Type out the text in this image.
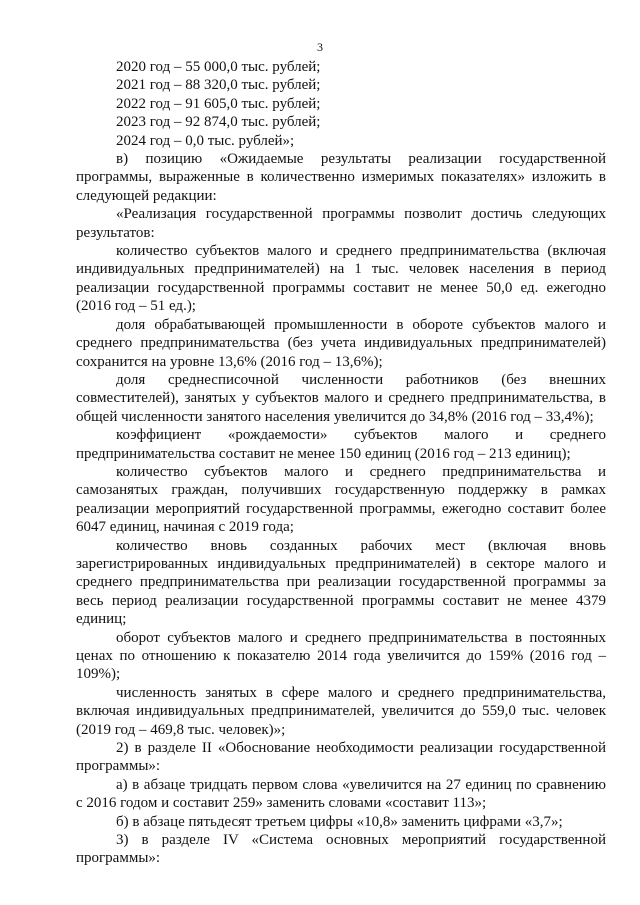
3

2020 год – 55 000,0 тыс. рублей;

2021 год – 88 320,0 тыс. рублей;

2022 год – 91 605,0 тыс. рублей;

2023 год – 92 874,0 тыс. рублей;

2024 год – 0,0 тыс. рублей»;

в) позицию «Ожидаемые результаты реализации государственной программы, выраженные в количественно измеримых показателях» изложить в следующей редакции:

«Реализация государственной программы позволит достичь следующих результатов:

количество субъектов малого и среднего предпринимательства (включая индивидуальных предпринимателей) на 1 тыс. человек населения в период реализации государственной программы составит не менее 50,0 ед. ежегодно (2016 год – 51 ед.);

доля обрабатывающей промышленности в обороте субъектов малого и среднего предпринимательства (без учета индивидуальных предпринимателей) сохранится на уровне 13,6% (2016 год – 13,6%);

доля среднесписочной численности работников (без внешних совместителей), занятых у субъектов малого и среднего предпринимательства, в общей численности занятого населения увеличится до 34,8% (2016 год – 33,4%);

коэффициент «рождаемости» субъектов малого и среднего предпринимательства составит не менее 150 единиц (2016 год – 213 единиц);

количество субъектов малого и среднего предпринимательства и самозанятых граждан, получивших государственную поддержку в рамках реализации мероприятий государственной программы, ежегодно составит более 6047 единиц, начиная с 2019 года;

количество вновь созданных рабочих мест (включая вновь зарегистрированных индивидуальных предпринимателей) в секторе малого и среднего предпринимательства при реализации государственной программы за весь период реализации государственной программы составит не менее 4379 единиц;

оборот субъектов малого и среднего предпринимательства в постоянных ценах по отношению к показателю 2014 года увеличится до 159% (2016 год – 109%);

численность занятых в сфере малого и среднего предпринимательства, включая индивидуальных предпринимателей, увеличится до 559,0 тыс. человек (2019 год – 469,8 тыс. человек)»;

2) в разделе II «Обоснование необходимости реализации государственной программы»:

а) в абзаце тридцать первом слова «увеличится на 27 единиц по сравнению с 2016 годом и составит 259» заменить словами «составит 113»;

б) в абзаце пятьдесят третьем цифры «10,8» заменить цифрами «3,7»;

3) в разделе IV «Система основных мероприятий государственной программы»:
